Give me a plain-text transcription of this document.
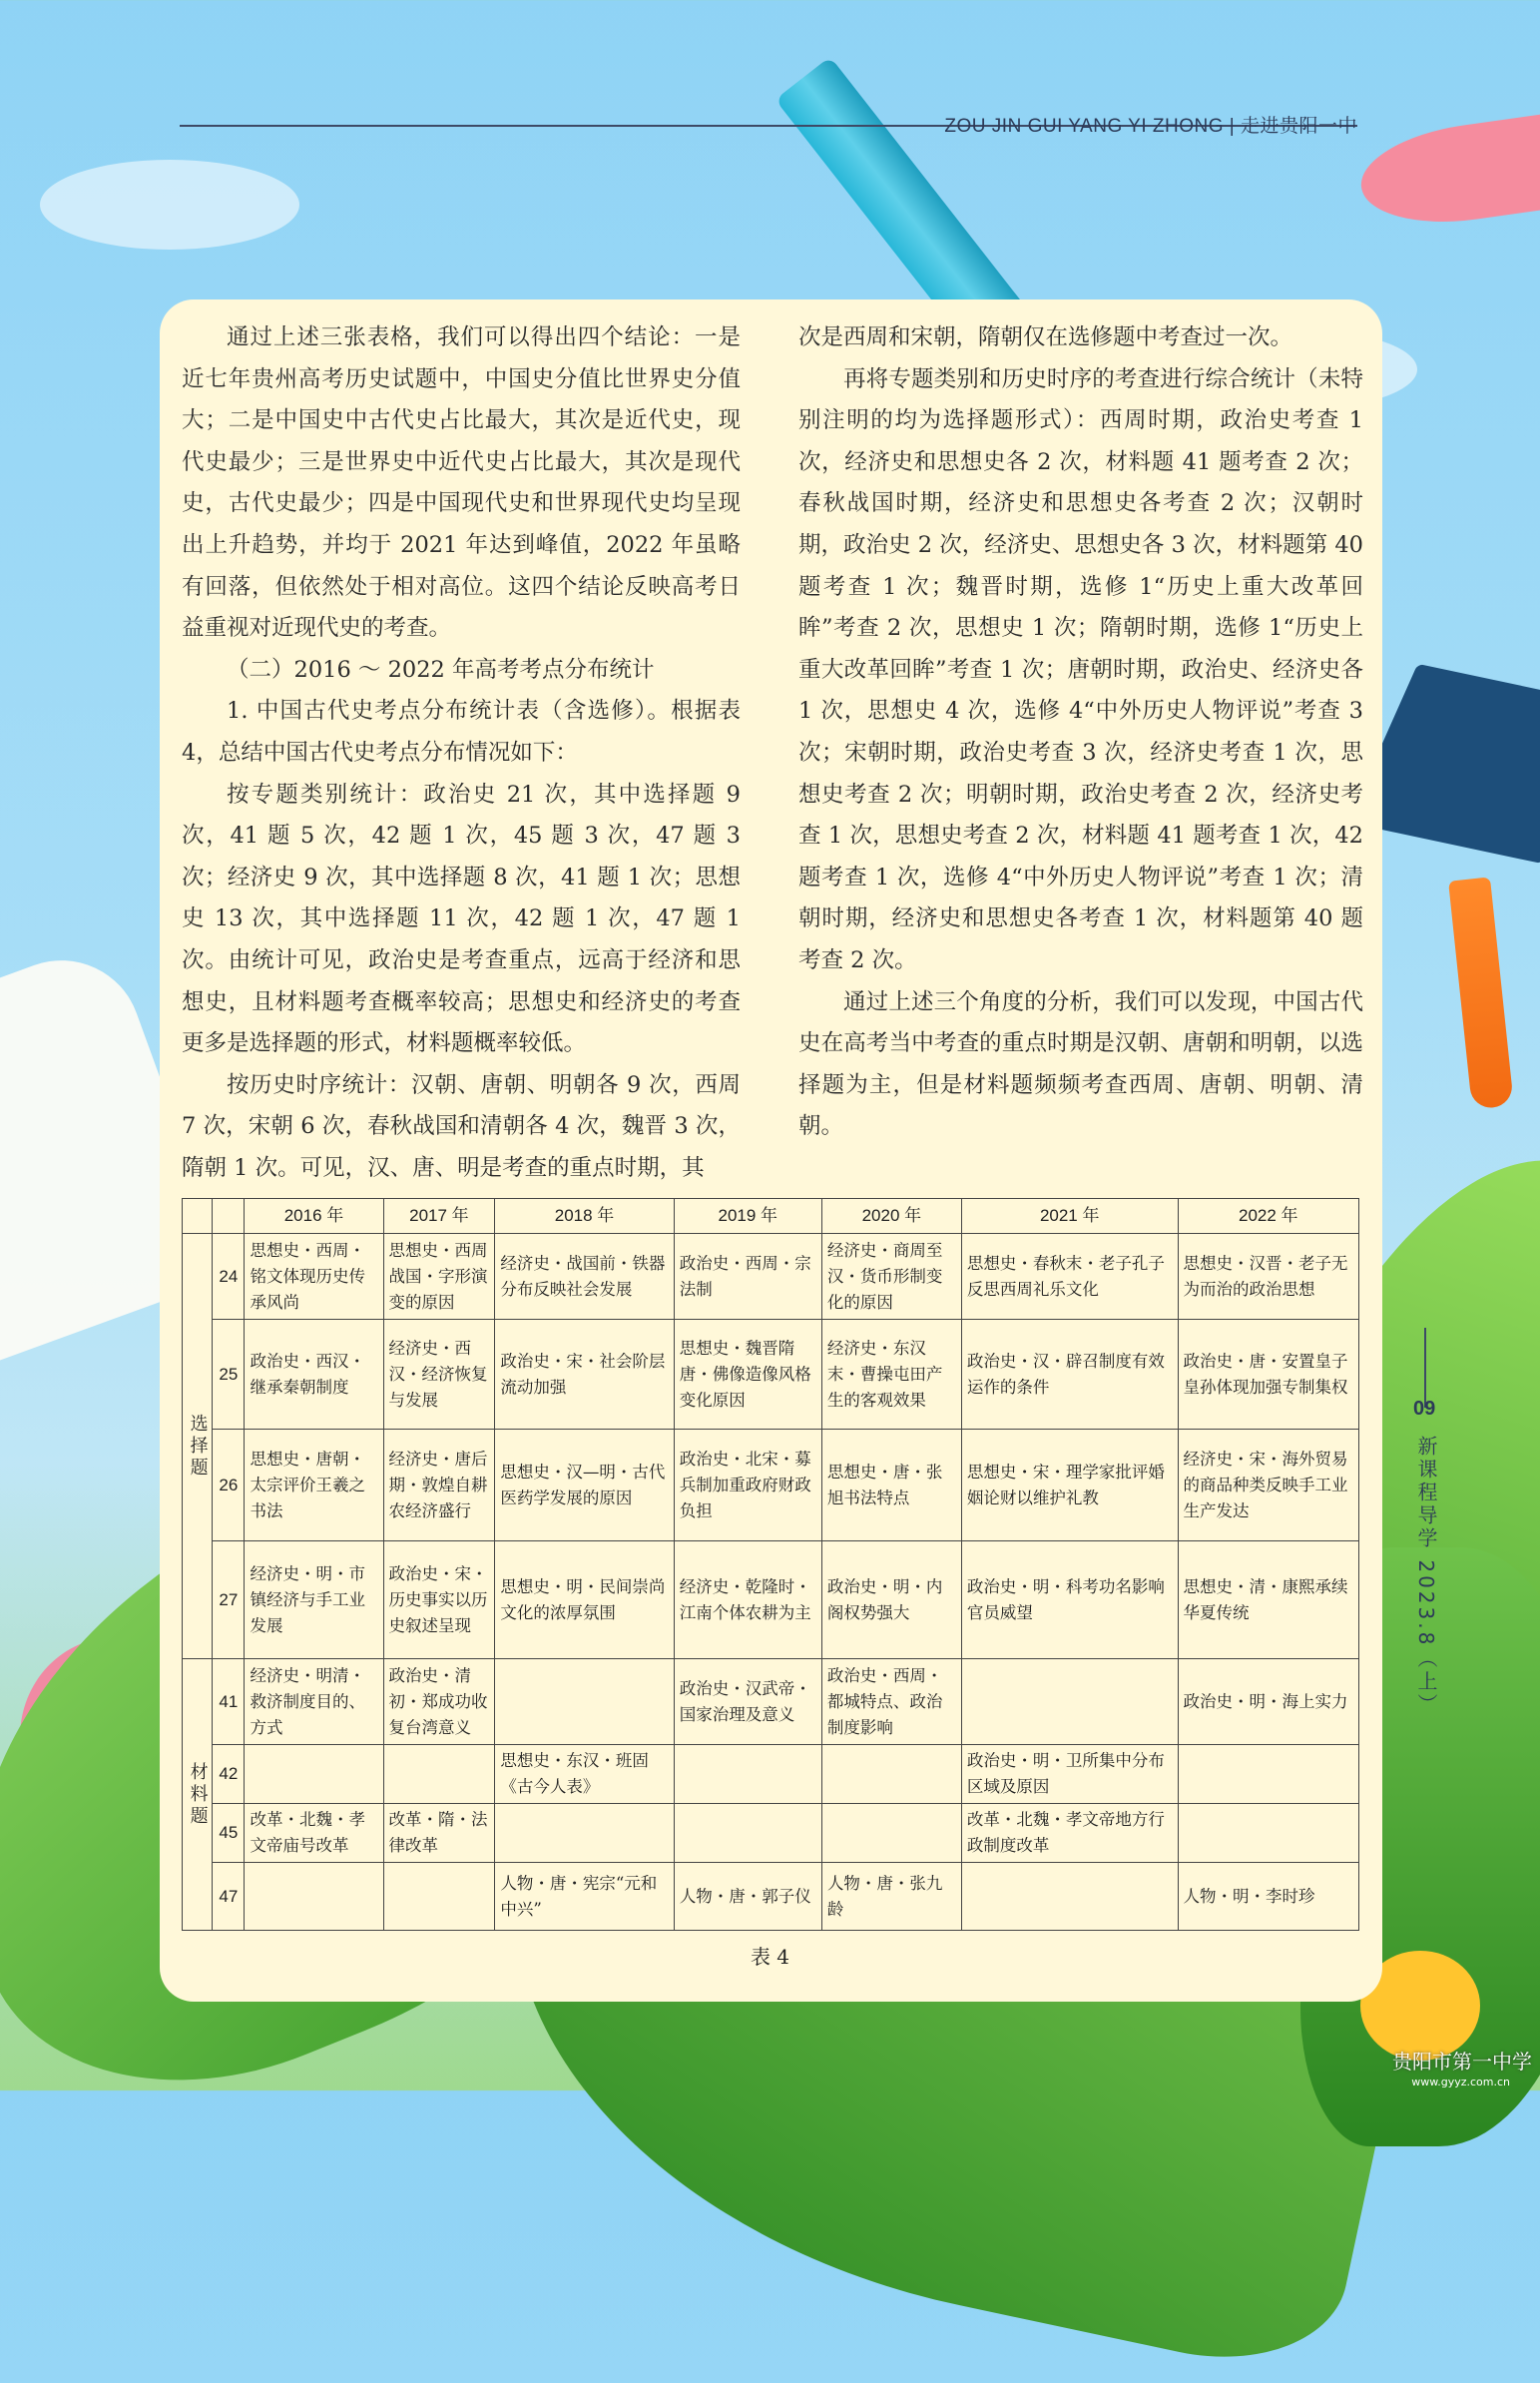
ZOU JIN GUI YANG YI ZHONG | 走进贵阳一中
09
新课程导学 2023.8（上）

通过上述三张表格，我们可以得出四个结论：一是近七年贵州高考历史试题中，中国史分值比世界史分值大；二是中国史中古代史占比最大，其次是近代史，现代史最少；三是世界史中近代史占比最大，其次是现代史，古代史最少；四是中国现代史和世界现代史均呈现出上升趋势，并均于 2021 年达到峰值，2022 年虽略有回落，但依然处于相对高位。这四个结论反映高考日益重视对近现代史的考查。

（二）2016 ～ 2022 年高考考点分布统计

1. 中国古代史考点分布统计表（含选修）。根据表 4，总结中国古代史考点分布情况如下：

按专题类别统计：政治史 21 次，其中选择题 9 次，41 题 5 次，42 题 1 次，45 题 3 次，47 题 3 次；经济史 9 次，其中选择题 8 次，41 题 1 次；思想史 13 次，其中选择题 11 次，42 题 1 次，47 题 1 次。由统计可见，政治史是考查重点，远高于经济和思想史，且材料题考查概率较高；思想史和经济史的考查更多是选择题的形式，材料题概率较低。

按历史时序统计：汉朝、唐朝、明朝各 9 次，西周 7 次，宋朝 6 次，春秋战国和清朝各 4 次，魏晋 3 次，隋朝 1 次。可见，汉、唐、明是考查的重点时期，其

次是西周和宋朝，隋朝仅在选修题中考查过一次。

再将专题类别和历史时序的考查进行综合统计（未特别注明的均为选择题形式）：西周时期，政治史考查 1 次，经济史和思想史各 2 次，材料题 41 题考查 2 次；春秋战国时期，经济史和思想史各考查 2 次；汉朝时期，政治史 2 次，经济史、思想史各 3 次，材料题第 40 题考查 1 次；魏晋时期，选修 1“历史上重大改革回眸”考查 2 次，思想史 1 次；隋朝时期，选修 1“历史上重大改革回眸”考查 1 次；唐朝时期，政治史、经济史各 1 次，思想史 4 次，选修 4“中外历史人物评说”考查 3 次；宋朝时期，政治史考查 3 次，经济史考查 1 次，思想史考查 2 次；明朝时期，政治史考查 2 次，经济史考查 1 次，思想史考查 2 次，材料题 41 题考查 1 次，42 题考查 1 次，选修 4“中外历史人物评说”考查 1 次；清朝时期，经济史和思想史各考查 1 次，材料题第 40 题考查 2 次。

通过上述三个角度的分析，我们可以发现，中国古代史在高考当中考查的重点时期是汉朝、唐朝和明朝，以选择题为主，但是材料题频频考查西周、唐朝、明朝、清朝。

		2016 年	2017 年	2018 年	2019 年	2020 年	2021 年	2022 年
选择题	24	思想史・西周・铭文体现历史传承风尚	思想史・西周战国・字形演变的原因	经济史・战国前・铁器分布反映社会发展	政治史・西周・宗法制	经济史・商周至汉・货币形制变化的原因	思想史・春秋末・老子孔子反思西周礼乐文化	思想史・汉晋・老子无为而治的政治思想
	25	政治史・西汉・继承秦朝制度	经济史・西汉・经济恢复与发展	政治史・宋・社会阶层流动加强	思想史・魏晋隋唐・佛像造像风格变化原因	经济史・东汉末・曹操屯田产生的客观效果	政治史・汉・辟召制度有效运作的条件	政治史・唐・安置皇子皇孙体现加强专制集权
	26	思想史・唐朝・太宗评价王羲之书法	经济史・唐后期・敦煌自耕农经济盛行	思想史・汉—明・古代医药学发展的原因	政治史・北宋・募兵制加重政府财政负担	思想史・唐・张旭书法特点	思想史・宋・理学家批评婚姻论财以维护礼教	经济史・宋・海外贸易的商品种类反映手工业生产发达
	27	经济史・明・市镇经济与手工业发展	政治史・宋・历史事实以历史叙述呈现	思想史・明・民间崇尚文化的浓厚氛围	经济史・乾隆时・江南个体农耕为主	政治史・明・内阁权势强大	政治史・明・科考功名影响官员威望	思想史・清・康熙承续华夏传统
材料题	41	经济史・明清・救济制度目的、方式	政治史・清初・郑成功收复台湾意义		政治史・汉武帝・国家治理及意义	政治史・西周・都城特点、政治制度影响		政治史・明・海上实力
	42			思想史・东汉・班固《古今人表》			政治史・明・卫所集中分布区域及原因	
	45	改革・北魏・孝文帝庙号改革	改革・隋・法律改革				改革・北魏・孝文帝地方行政制度改革	
	47			人物・唐・宪宗“元和中兴”	人物・唐・郭子仪	人物・唐・张九龄		人物・明・李时珍
表 4
贵阳市第一中学
www.gyyz.com.cn
